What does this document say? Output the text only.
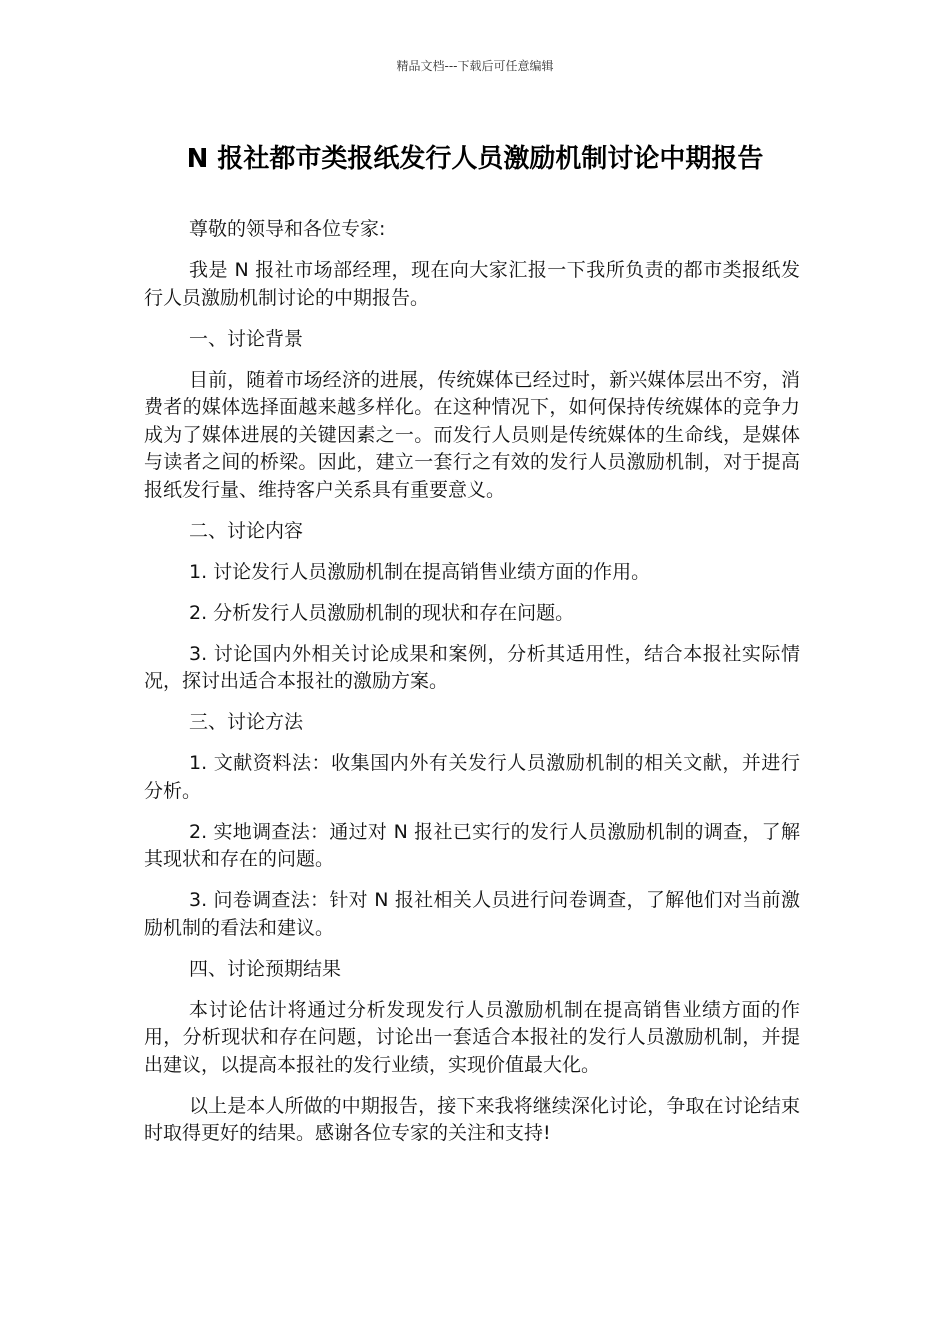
精品文档---下载后可任意编辑
N 报社都市类报纸发行人员激励机制讨论中期报告

尊敬的领导和各位专家:

我是 N 报社市场部经理，现在向大家汇报一下我所负责的都市类报纸发行人员激励机制讨论的中期报告。

一、讨论背景

目前，随着市场经济的进展，传统媒体已经过时，新兴媒体层出不穷，消费者的媒体选择面越来越多样化。在这种情况下，如何保持传统媒体的竞争力成为了媒体进展的关键因素之一。而发行人员则是传统媒体的生命线，是媒体与读者之间的桥梁。因此，建立一套行之有效的发行人员激励机制，对于提高报纸发行量、维持客户关系具有重要意义。

二、讨论内容

1. 讨论发行人员激励机制在提高销售业绩方面的作用。

2. 分析发行人员激励机制的现状和存在问题。

3. 讨论国内外相关讨论成果和案例，分析其适用性，结合本报社实际情况，探讨出适合本报社的激励方案。

三、讨论方法

1. 文献资料法：收集国内外有关发行人员激励机制的相关文献，并进行分析。

2. 实地调查法：通过对 N 报社已实行的发行人员激励机制的调查，了解其现状和存在的问题。

3. 问卷调查法：针对 N 报社相关人员进行问卷调查，了解他们对当前激励机制的看法和建议。

四、讨论预期结果

本讨论估计将通过分析发现发行人员激励机制在提高销售业绩方面的作用，分析现状和存在问题，讨论出一套适合本报社的发行人员激励机制，并提出建议，以提高本报社的发行业绩，实现价值最大化。

以上是本人所做的中期报告，接下来我将继续深化讨论，争取在讨论结束时取得更好的结果。感谢各位专家的关注和支持!
